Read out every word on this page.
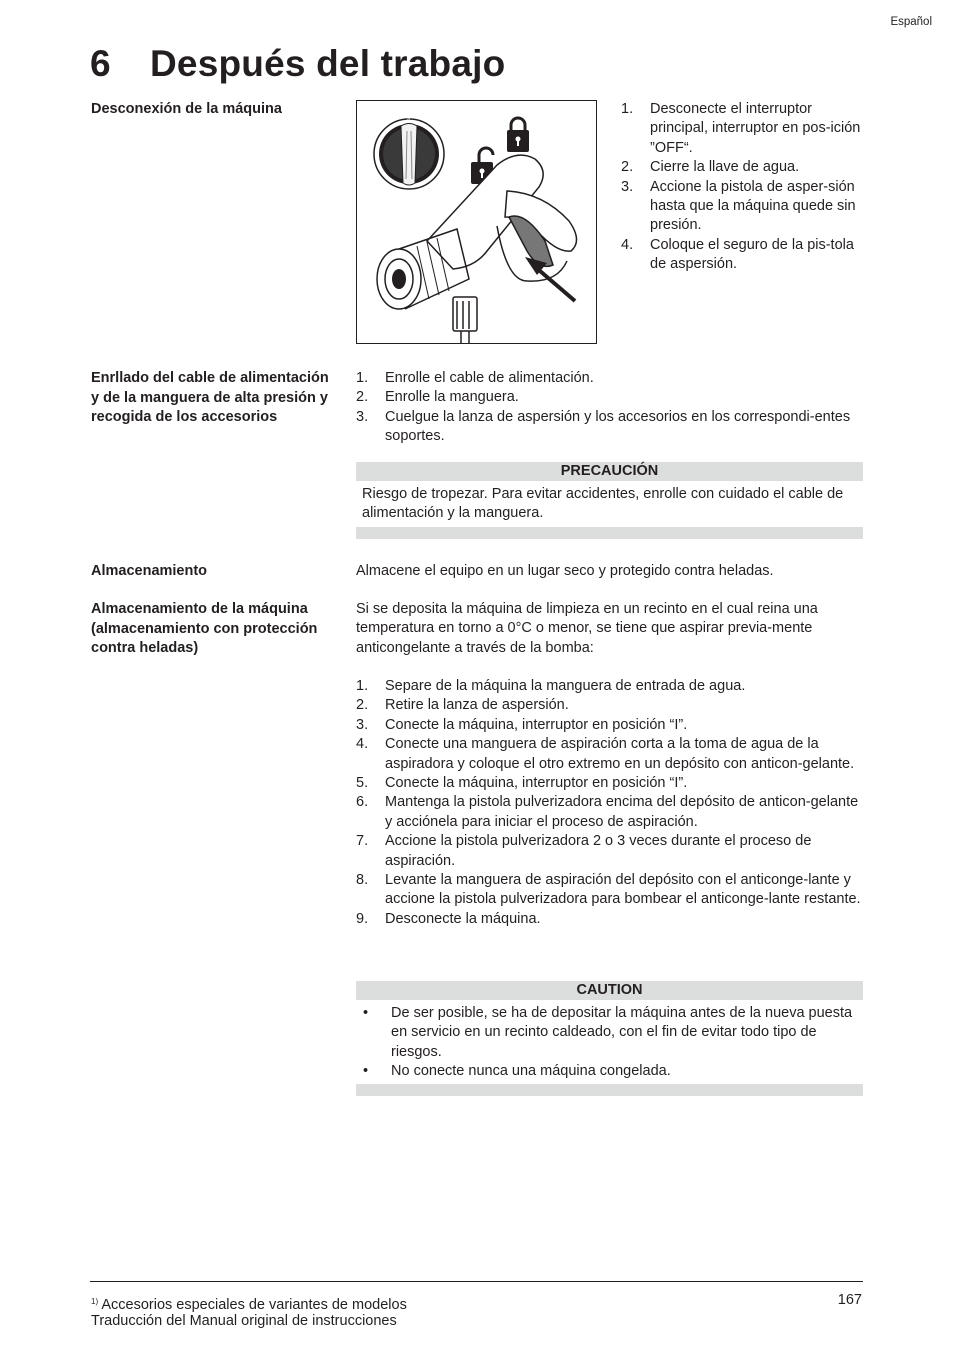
Español
6 Después del trabajo
Desconexión de la máquina
0
1. Desconecte el interruptor principal, interruptor en pos-ición ”OFF“.
2. Cierre la llave de agua.
3. Accione la pistola de asper-sión hasta que la máquina quede sin presión.
4. Coloque el seguro de la pis-tola de aspersión.
Enrllado del cable de alimentación y de la manguera de alta presión y recogida de los accesorios
1. Enrolle el cable de alimentación.
2. Enrolle la manguera.
3. Cuelgue la lanza de aspersión y los accesorios en los correspondi-entes soportes.
PRECAUCIÓN
Riesgo de tropezar. Para evitar accidentes, enrolle con cuidado el cable de alimentación y la manguera.
Almacenamiento	Almacene el equipo en un lugar seco y protegido contra heladas.
Almacenamiento de la máquina (almacenamiento con protección contra heladas)
Si se deposita la máquina de limpieza en un recinto en el cual reina una temperatura en torno a 0°C o menor, se tiene que aspirar previa-mente anticongelante a través de la bomba:
1. Separe de la máquina la manguera de entrada de agua.
2. Retire la lanza de aspersión.
3. Conecte la máquina, interruptor en posición “I”.
4. Conecte una manguera de aspiración corta a la toma de agua de la aspiradora y coloque el otro extremo en un depósito con anticon-gelante.
5. Conecte la máquina, interruptor en posición “I”.
6. Mantenga la pistola pulverizadora encima del depósito de anticon-gelante y acciónela para iniciar el proceso de aspiración.
7. Accione la pistola pulverizadora 2 o 3 veces durante el proceso de aspiración.
8. Levante la manguera de aspiración del depósito con el anticonge-lante y accione la pistola pulverizadora para bombear el anticonge-lante restante.
9. Desconecte la máquina.
CAUTION
• De ser posible, se ha de depositar la máquina antes de la nueva puesta en servicio en un recinto caldeado, con el fin de evitar todo tipo de riesgos.
• No conecte nunca una máquina congelada.
$^{1)}$ Accesorios especiales de variantes de modelos
Traducción del Manual original de instrucciones
167
